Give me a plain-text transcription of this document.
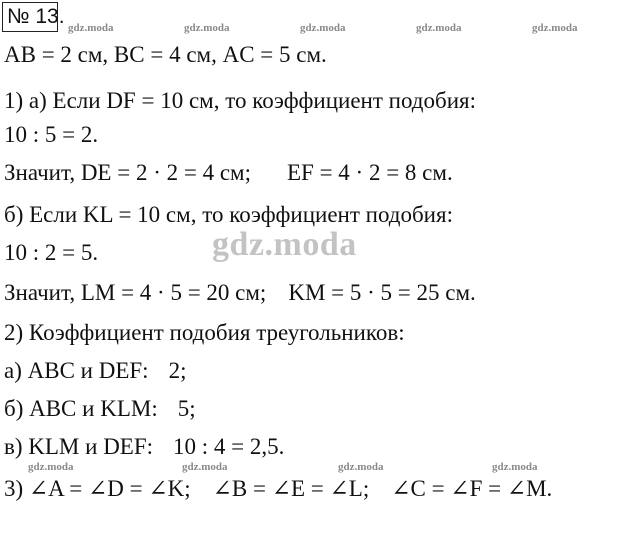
№ 13. gdz.moda	gdz.moda	gdz.moda	gdz.moda	gdz.moda
gdz.moda	gdz.moda	gdz.moda	gdz.moda
gdz.moda
AB = 2 см, BC = 4 см, AC = 5 см.
1) а) Если DF = 10 см, то коэффициент подобия:
10 : 5 = 2.
Значит, DE = 2 · 2 = 4 см; EF = 4 · 2 = 8 см.
б) Если KL = 10 см, то коэффициент подобия:
10 : 2 = 5.
Значит, LM = 4 · 5 = 20 см; KM = 5 · 5 = 25 см.
2) Коэффициент подобия треугольников:
а) ABC и DEF: 2;
б) ABC и KLM: 5;
в) KLM и DEF: 10 : 4 = 2,5.
3) ∠A = ∠D = ∠K; ∠B = ∠E = ∠L; ∠C = ∠F = ∠M.
